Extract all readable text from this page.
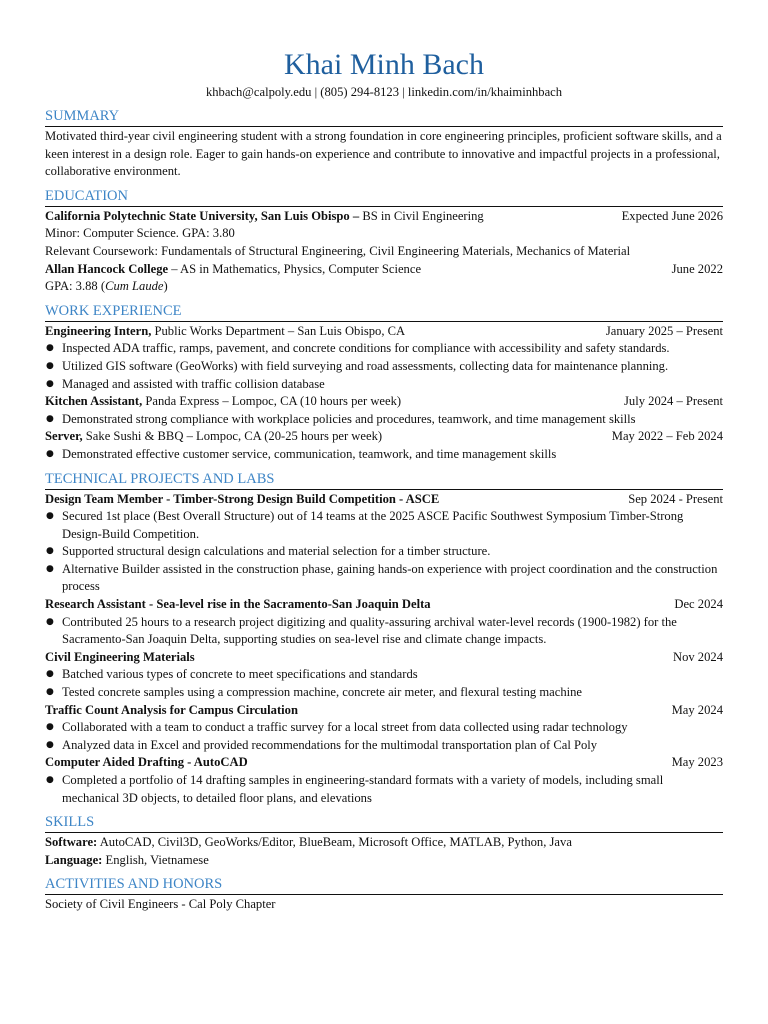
Khai Minh Bach
khbach@calpoly.edu | (805) 294-8123 | linkedin.com/in/khaiminhbach
SUMMARY
Motivated third-year civil engineering student with a strong foundation in core engineering principles, proficient software skills, and a keen interest in a design role. Eager to gain hands-on experience and contribute to innovative and impactful projects in a professional, collaborative environment.
EDUCATION
California Polytechnic State University, San Luis Obispo – BS in Civil Engineering	Expected June 2026
Minor: Computer Science. GPA: 3.80
Relevant Coursework: Fundamentals of Structural Engineering, Civil Engineering Materials, Mechanics of Material
Allan Hancock College – AS in Mathematics, Physics, Computer Science	June 2022
GPA: 3.88 (Cum Laude)
WORK EXPERIENCE
Engineering Intern, Public Works Department – San Luis Obispo, CA	January 2025 – Present
● Inspected ADA traffic, ramps, pavement, and concrete conditions for compliance with accessibility and safety standards.
● Utilized GIS software (GeoWorks) with field surveying and road assessments, collecting data for maintenance planning.
● Managed and assisted with traffic collision database
Kitchen Assistant, Panda Express – Lompoc, CA (10 hours per week)	July 2024 – Present
● Demonstrated strong compliance with workplace policies and procedures, teamwork, and time management skills
Server, Sake Sushi & BBQ – Lompoc, CA (20-25 hours per week)	May 2022 – Feb 2024
● Demonstrated effective customer service, communication, teamwork, and time management skills
TECHNICAL PROJECTS AND LABS
Design Team Member - Timber-Strong Design Build Competition - ASCE	Sep 2024 - Present
● Secured 1st place (Best Overall Structure) out of 14 teams at the 2025 ASCE Pacific Southwest Symposium Timber-Strong Design-Build Competition.
● Supported structural design calculations and material selection for a timber structure.
● Alternative Builder assisted in the construction phase, gaining hands-on experience with project coordination and the construction process
Research Assistant - Sea-level rise in the Sacramento-San Joaquin Delta	Dec 2024
● Contributed 25 hours to a research project digitizing and quality-assuring archival water-level records (1900-1982) for the Sacramento-San Joaquin Delta, supporting studies on sea-level rise and climate change impacts.
Civil Engineering Materials	Nov 2024
● Batched various types of concrete to meet specifications and standards
● Tested concrete samples using a compression machine, concrete air meter, and flexural testing machine
Traffic Count Analysis for Campus Circulation	May 2024
● Collaborated with a team to conduct a traffic survey for a local street from data collected using radar technology
● Analyzed data in Excel and provided recommendations for the multimodal transportation plan of Cal Poly
Computer Aided Drafting - AutoCAD	May 2023
● Completed a portfolio of 14 drafting samples in engineering-standard formats with a variety of models, including small mechanical 3D objects, to detailed floor plans, and elevations
SKILLS
Software: AutoCAD, Civil3D, GeoWorks/Editor, BlueBeam, Microsoft Office, MATLAB, Python, Java
Language: English, Vietnamese
ACTIVITIES AND HONORS
Society of Civil Engineers - Cal Poly Chapter
